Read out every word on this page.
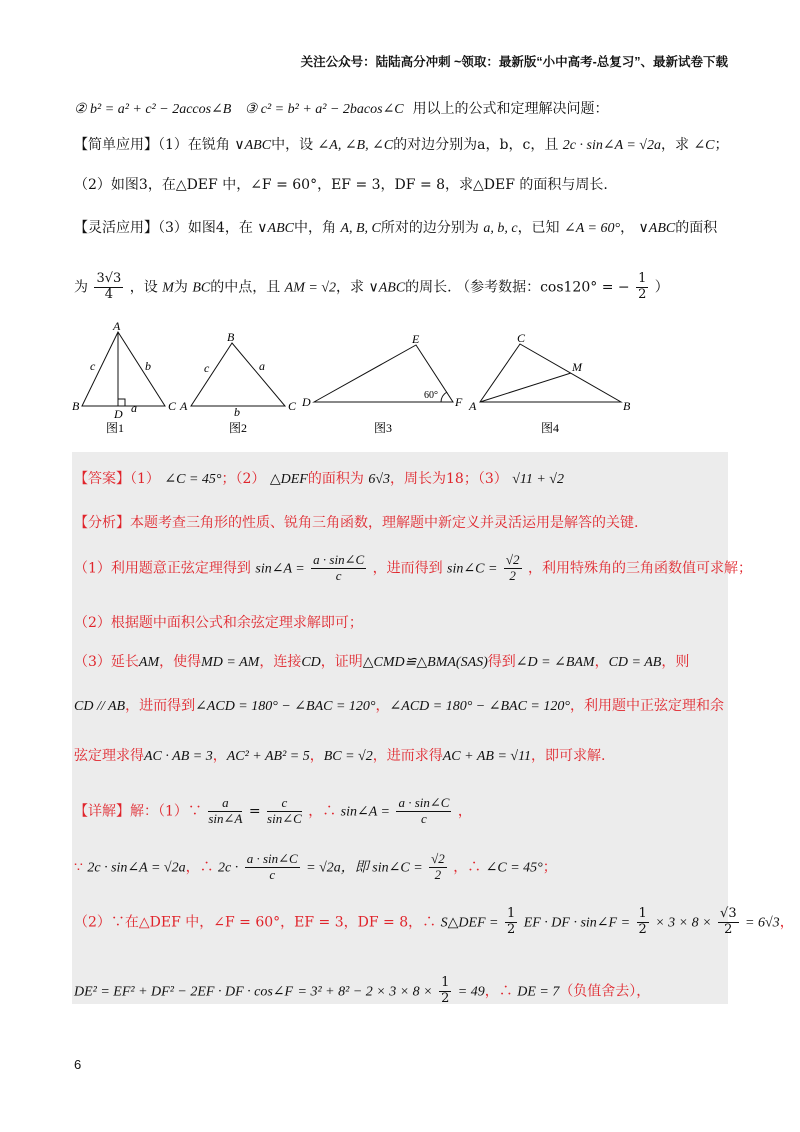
关注公众号：陆陆高分冲刺 ~领取：最新版“小中高考-总复习”、最新试卷下载
② b² = a² + c² − 2accos∠B ③ c² = b² + a² − 2bacos∠C 用以上的公式和定理解决问题：
【简单应用】（1）在锐角 ∨ABC中，设 ∠A, ∠B, ∠C的对边分别为a，b，c，且 2c · sin∠A = √2a，求 ∠C；
（2）如图3，在△DEF 中，∠F = 60°，EF = 3，DF = 8，求△DEF 的面积与周长.
【灵活应用】（3）如图4，在 ∨ABC中，角 A, B, C所对的边分别为 a, b, c，已知 ∠A = 60°， ∨ABC的面积
为 $\frac{3√3}{4}$ ，设 M为 BC的中点，且 AM = √2，求 ∨ABC的周长. （参考数据：cos120° = − $\frac{1}{2}$ ）
A
B	C
D a
b
c
图1
A
B
C
a
b
c
图2
D
E
F
60°
图3
C
A	B
M
图4
【答案】（1） ∠C = 45°；（2） △DEF的面积为 6√3，周长为18；（3） √11 + √2
【分析】本题考查三角形的性质、锐角三角函数，理解题中新定义并灵活运用是解答的关键.
（1）利用题意正弦定理得到 sin∠A = $\frac{a \cdot \sin\angle C}{c}$ ，进而得到 sin∠C = $\frac{√2}{2}$ ，利用特殊角的三角函数值可求解；
（2）根据题中面积公式和余弦定理求解即可；
（3）延长AM，使得MD = AM，连接CD，证明△CMD≌△BMA(SAS)得到∠D = ∠BAM，CD = AB，则
CD // AB，进而得到∠ACD = 180° − ∠BAC = 120°，∠ACD = 180° − ∠BAC = 120°，利用题中正弦定理和余
弦定理求得AC · AB = 3，AC² + AB² = 5，BC = √2，进而求得AC + AB = √11，即可求解.
【详解】解：（1）∵ $\frac{a}{\sin\angle A} = \frac{c}{\sin\angle C}$ ，∴ sin∠A = $\frac{a \cdot \sin\angle C}{c}$ ，
∵ 2c · sin∠A = √2a，∴ $2c \cdot \frac{a \cdot \sin\angle C}{c} = √2a$，即 sin∠C = $\frac{√2}{2}$ ，∴ ∠C = 45°；
（2）∵在△DEF 中，∠F = 60°，EF = 3，DF = 8，∴ S△DEF = $\frac{1}{2}$ EF · DF · sin∠F = $\frac{1}{2} \times 3 \times 8 \times \frac{√3}{2} = 6√3$，
DE² = EF² + DF² − 2EF · DF · cos∠F = $3^2 + 8^2 - 2 \times 3 \times 8 \times \frac{1}{2} = 49$，∴ DE = 7（负值舍去），
6
